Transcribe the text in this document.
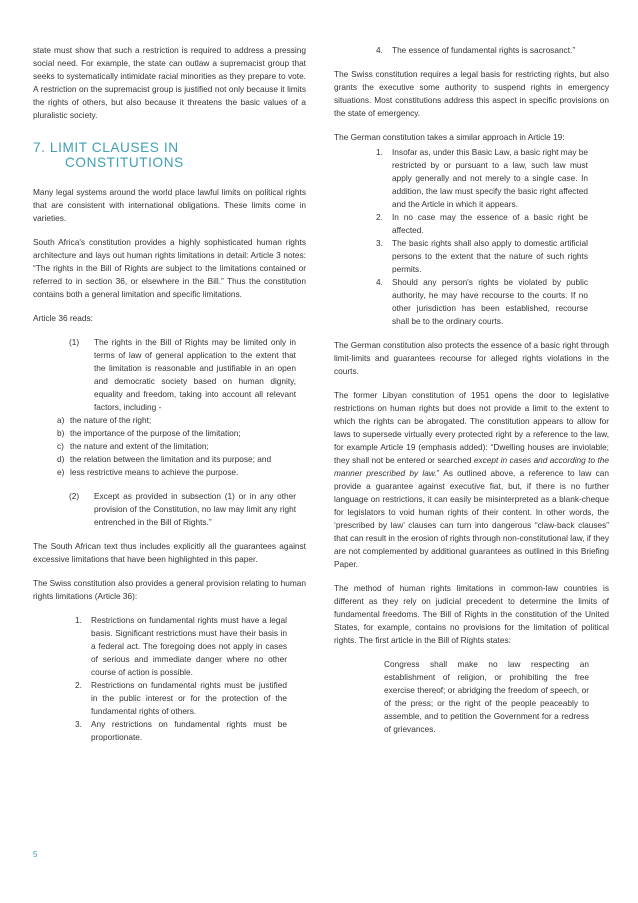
state must show that such a restriction is required to address a pressing social need. For example, the state can outlaw a supremacist group that seeks to systematically intimidate racial minorities as they prepare to vote. A restriction on the supremacist group is justified not only because it limits the rights of others, but also because it threatens the basic values of a pluralistic society.

7. LIMIT CLAUSES IN
CONSTITUTIONS

Many legal systems around the world place lawful limits on political rights that are consistent with international obligations. These limits come in varieties.

South Africa's constitution provides a highly sophisticated human rights architecture and lays out human rights limitations in detail: Article 3 notes: “The rights in the Bill of Rights are subject to the limitations contained or referred to in section 36, or elsewhere in the Bill.” Thus the constitution contains both a general limitation and specific limitations.

Article 36 reads:

(1)	The rights in the Bill of Rights may be limited only in terms of law of general application to the extent that the limitation is reasonable and justifiable in an open and democratic society based on human dignity, equality and freedom, taking into account all relevant factors, including -
a) the nature of the right;
b) the importance of the purpose of the limitation;
c) the nature and extent of the limitation;
d) the relation between the limitation and its purpose; and
e) less restrictive means to achieve the purpose.
(2)	Except as provided in subsection (1) or in any other provision of the Constitution, no law may limit any right entrenched in the Bill of Rights.”

The South African text thus includes explicitly all the guarantees against excessive limitations that have been highlighted in this paper.

The Swiss constitution also provides a general provision relating to human rights limitations (Article 36):

1. Restrictions on fundamental rights must have a legal basis. Significant restrictions must have their basis in a federal act. The foregoing does not apply in cases of serious and immediate danger where no other course of action is possible.
2. Restrictions on fundamental rights must be justified in the public interest or for the protection of the fundamental rights of others.
3. Any restrictions on fundamental rights must be proportionate.
4. The essence of fundamental rights is sacrosanct.”

The Swiss constitution requires a legal basis for restricting rights, but also grants the executive some authority to suspend rights in emergency situations. Most constitutions address this aspect in specific provisions on the state of emergency.

The German constitution takes a similar approach in Article 19:

1. Insofar as, under this Basic Law, a basic right may be restricted by or pursuant to a law, such law must apply generally and not merely to a single case. In addition, the law must specify the basic right affected and the Article in which it appears.
2. In no case may the essence of a basic right be affected.
3. The basic rights shall also apply to domestic artificial persons to the extent that the nature of such rights permits.
4. Should any person's rights be violated by public authority, he may have recourse to the courts. If no other jurisdiction has been established, recourse shall be to the ordinary courts.

The German constitution also protects the essence of a basic right through limit-limits and guarantees recourse for alleged rights violations in the courts.

The former Libyan constitution of 1951 opens the door to legislative restrictions on human rights but does not provide a limit to the extent to which the rights can be abrogated. The constitution appears to allow for laws to supersede virtually every protected right by a reference to the law, for example Article 19 (emphasis added): “Dwelling houses are inviolable; they shall not be entered or searched except in cases and according to the manner prescribed by law.” As outlined above, a reference to law can provide a guarantee against executive fiat, but, if there is no further language on restrictions, it can easily be misinterpreted as a blank-cheque for legislators to void human rights of their content. In other words, the ‘prescribed by law’ clauses can turn into dangerous “claw-back clauses” that can result in the erosion of rights through non-constitutional law, if they are not complemented by additional guarantees as outlined in this Briefing Paper.

The method of human rights limitations in common-law countries is different as they rely on judicial precedent to determine the limits of fundamental freedoms. The Bill of Rights in the constitution of the United States, for example, contains no provisions for the limitation of political rights. The first article in the Bill of Rights states:

Congress shall make no law respecting an establishment of religion, or prohibiting the free exercise thereof; or abridging the freedom of speech, or of the press; or the right of the people peaceably to assemble, and to petition the Government for a redress of grievances.

5
